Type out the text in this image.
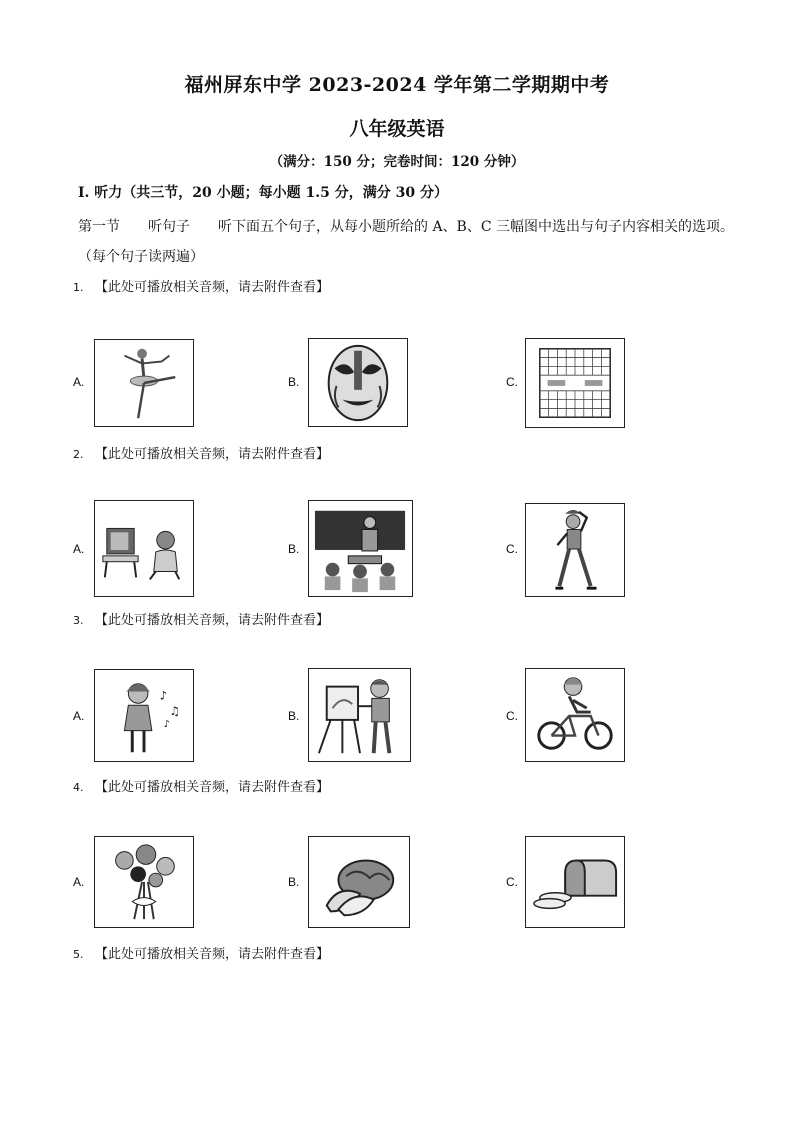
福州屏东中学 2023-2024 学年第二学期期中考
八年级英语
（满分：150 分；完卷时间：120 分钟）
Ⅰ. 听力（共三节，20 小题；每小题 1.5 分，满分 30 分）
第一节　　听句子　　听下面五个句子，从每小题所给的 A、B、C 三幅图中选出与句子内容相关的选项。（每个句子读两遍）
1. 【此处可播放相关音频，请去附件查看】
A.	B.	C.
2. 【此处可播放相关音频，请去附件查看】
A.	B.	C.
3. 【此处可播放相关音频，请去附件查看】
A.
♪
♫
♪
B.	C.
4. 【此处可播放相关音频，请去附件查看】
A.	B.	C.
5. 【此处可播放相关音频，请去附件查看】
